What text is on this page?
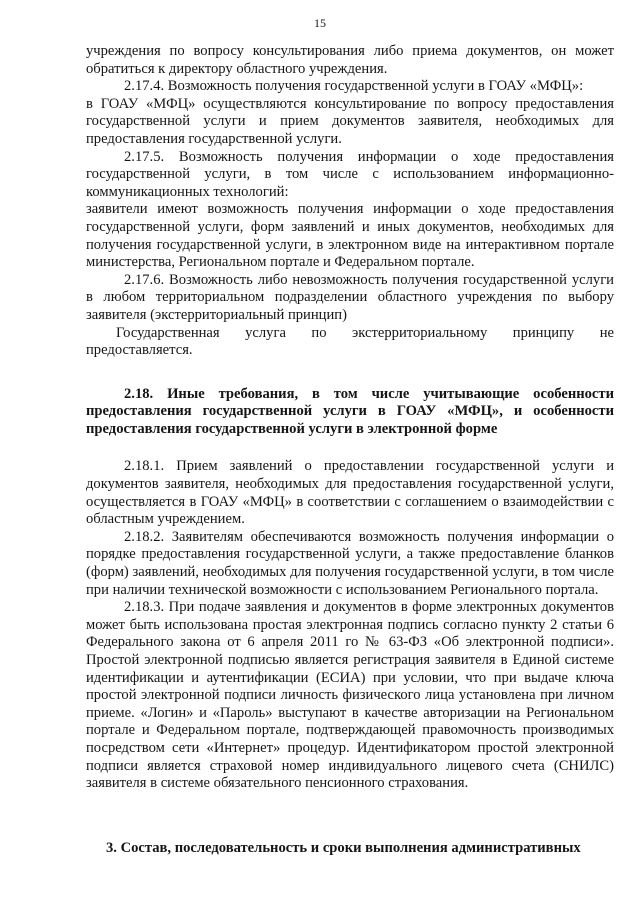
15

учреждения по вопросу консультирования либо приема документов, он может обратиться к директору областного учреждения.

2.17.4. Возможность получения государственной услуги в ГОАУ «МФЦ»:

в ГОАУ «МФЦ» осуществляются консультирование по вопросу предоставления государственной услуги и прием документов заявителя, необходимых для предоставления государственной услуги.

2.17.5. Возможность получения информации о ходе предоставления государственной услуги, в том числе с использованием информационно-коммуникационных технологий:

заявители имеют возможность получения информации о ходе предоставления государственной услуги, форм заявлений и иных документов, необходимых для получения государственной услуги, в электронном виде на интерактивном портале министерства, Региональном портале и Федеральном портале.

2.17.6. Возможность либо невозможность получения государственной услуги в любом территориальном подразделении областного учреждения по выбору заявителя (экстерриториальный принцип)

Государственная услуга по экстерриториальному принципу не предоставляется.

2.18. Иные требования, в том числе учитывающие особенности предоставления государственной услуги в ГОАУ «МФЦ», и особенности предоставления государственной услуги в электронной форме

2.18.1. Прием заявлений о предоставлении государственной услуги и документов заявителя, необходимых для предоставления государственной услуги, осуществляется в ГОАУ «МФЦ» в соответствии с соглашением о взаимодействии с областным учреждением.

2.18.2. Заявителям обеспечиваются возможность получения информации о порядке предоставления государственной услуги, а также предоставление бланков (форм) заявлений, необходимых для получения государственной услуги, в том числе при наличии технической возможности с использованием Регионального портала.

2.18.3. При подаче заявления и документов в форме электронных документов может быть использована простая электронная подпись согласно пункту 2 статьи 6 Федерального закона от 6 апреля 2011 го № 63-ФЗ «Об электронной подписи». Простой электронной подписью является регистрация заявителя в Единой системе идентификации и аутентификации (ЕСИА) при условии, что при выдаче ключа простой электронной подписи личность физического лица установлена при личном приеме. «Логин» и «Пароль» выступают в качестве авторизации на Региональном портале и Федеральном портале, подтверждающей правомочность производимых посредством сети «Интернет» процедур. Идентификатором простой электронной подписи является страховой номер индивидуального лицевого счета (СНИЛС) заявителя в системе обязательного пенсионного страхования.

3. Состав, последовательность и сроки выполнения административных
